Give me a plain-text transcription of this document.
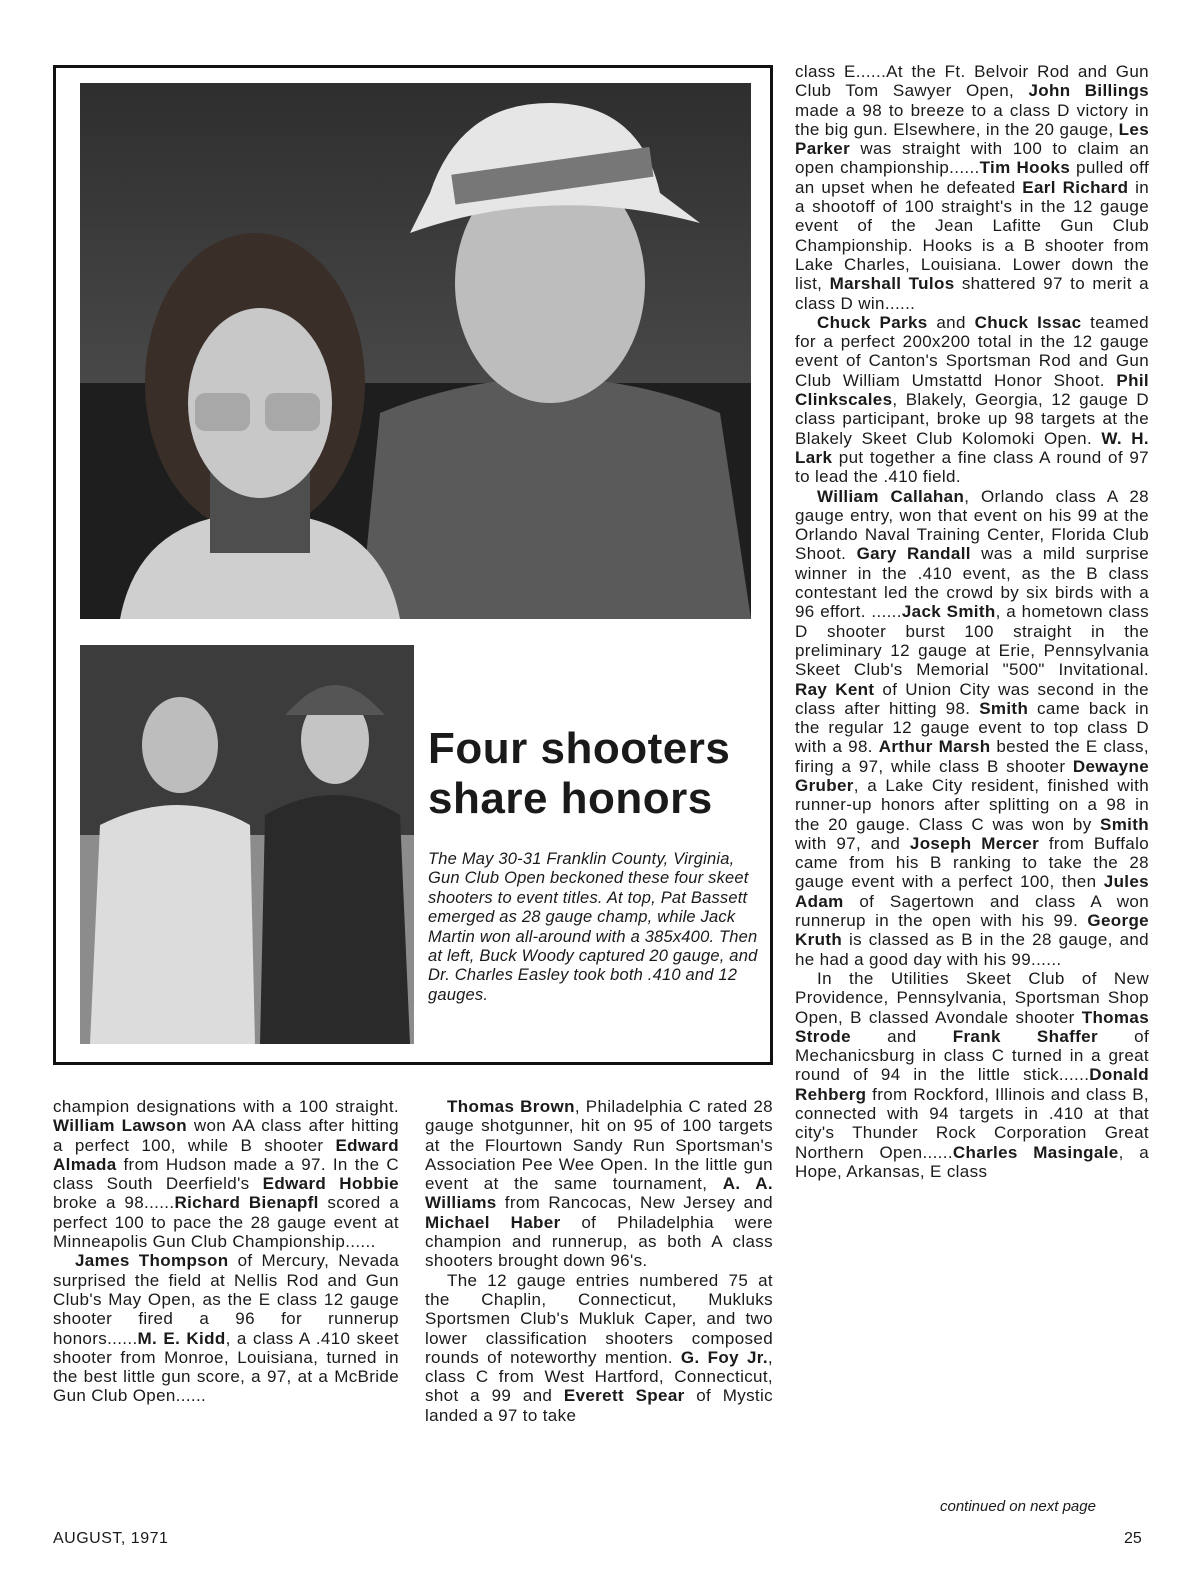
Four shooters share honors
The May 30-31 Franklin County, Virginia, Gun Club Open beckoned these four skeet shooters to event titles. At top, Pat Bassett emerged as 28 gauge champ, while Jack Martin won all-around with a 385x400. Then at left, Buck Woody captured 20 gauge, and Dr. Charles Easley took both .410 and 12 gauges.

champion designations with a 100 straight. William Lawson won AA class after hitting a perfect 100, while B shooter Edward Almada from Hudson made a 97. In the C class South Deerfield's Edward Hobbie broke a 98......Richard Bienapfl scored a perfect 100 to pace the 28 gauge event at Minneapolis Gun Club Championship......

James Thompson of Mercury, Nevada surprised the field at Nellis Rod and Gun Club's May Open, as the E class 12 gauge shooter fired a 96 for runnerup honors......M. E. Kidd, a class A .410 skeet shooter from Monroe, Louisiana, turned in the best little gun score, a 97, at a McBride Gun Club Open......

Thomas Brown, Philadelphia C rated 28 gauge shotgunner, hit on 95 of 100 targets at the Flourtown Sandy Run Sportsman's Association Pee Wee Open. In the little gun event at the same tournament, A. A. Williams from Rancocas, New Jersey and Michael Haber of Philadelphia were champion and runnerup, as both A class shooters brought down 96's.

The 12 gauge entries numbered 75 at the Chaplin, Connecticut, Mukluks Sportsmen Club's Mukluk Caper, and two lower classification shooters composed rounds of noteworthy mention. G. Foy Jr., class C from West Hartford, Connecticut, shot a 99 and Everett Spear of Mystic landed a 97 to take

class E......At the Ft. Belvoir Rod and Gun Club Tom Sawyer Open, John Billings made a 98 to breeze to a class D victory in the big gun. Elsewhere, in the 20 gauge, Les Parker was straight with 100 to claim an open championship......Tim Hooks pulled off an upset when he defeated Earl Richard in a shootoff of 100 straight's in the 12 gauge event of the Jean Lafitte Gun Club Championship. Hooks is a B shooter from Lake Charles, Louisiana. Lower down the list, Marshall Tulos shattered 97 to merit a class D win......

Chuck Parks and Chuck Issac teamed for a perfect 200x200 total in the 12 gauge event of Canton's Sportsman Rod and Gun Club William Umstattd Honor Shoot. Phil Clinkscales, Blakely, Georgia, 12 gauge D class participant, broke up 98 targets at the Blakely Skeet Club Kolomoki Open. W. H. Lark put together a fine class A round of 97 to lead the .410 field.

William Callahan, Orlando class A 28 gauge entry, won that event on his 99 at the Orlando Naval Training Center, Florida Club Shoot. Gary Randall was a mild surprise winner in the .410 event, as the B class contestant led the crowd by six birds with a 96 effort. ......Jack Smith, a hometown class D shooter burst 100 straight in the preliminary 12 gauge at Erie, Pennsylvania Skeet Club's Memorial "500" Invitational. Ray Kent of Union City was second in the class after hitting 98. Smith came back in the regular 12 gauge event to top class D with a 98. Arthur Marsh bested the E class, firing a 97, while class B shooter Dewayne Gruber, a Lake City resident, finished with runner-up honors after splitting on a 98 in the 20 gauge. Class C was won by Smith with 97, and Joseph Mercer from Buffalo came from his B ranking to take the 28 gauge event with a perfect 100, then Jules Adam of Sagertown and class A won runnerup in the open with his 99. George Kruth is classed as B in the 28 gauge, and he had a good day with his 99......

In the Utilities Skeet Club of New Providence, Pennsylvania, Sportsman Shop Open, B classed Avondale shooter Thomas Strode and Frank Shaffer of Mechanicsburg in class C turned in a great round of 94 in the little stick......Donald Rehberg from Rockford, Illinois and class B, connected with 94 targets in .410 at that city's Thunder Rock Corporation Great Northern Open......Charles Masingale, a Hope, Arkansas, E class

continued on next page
AUGUST, 1971	25
